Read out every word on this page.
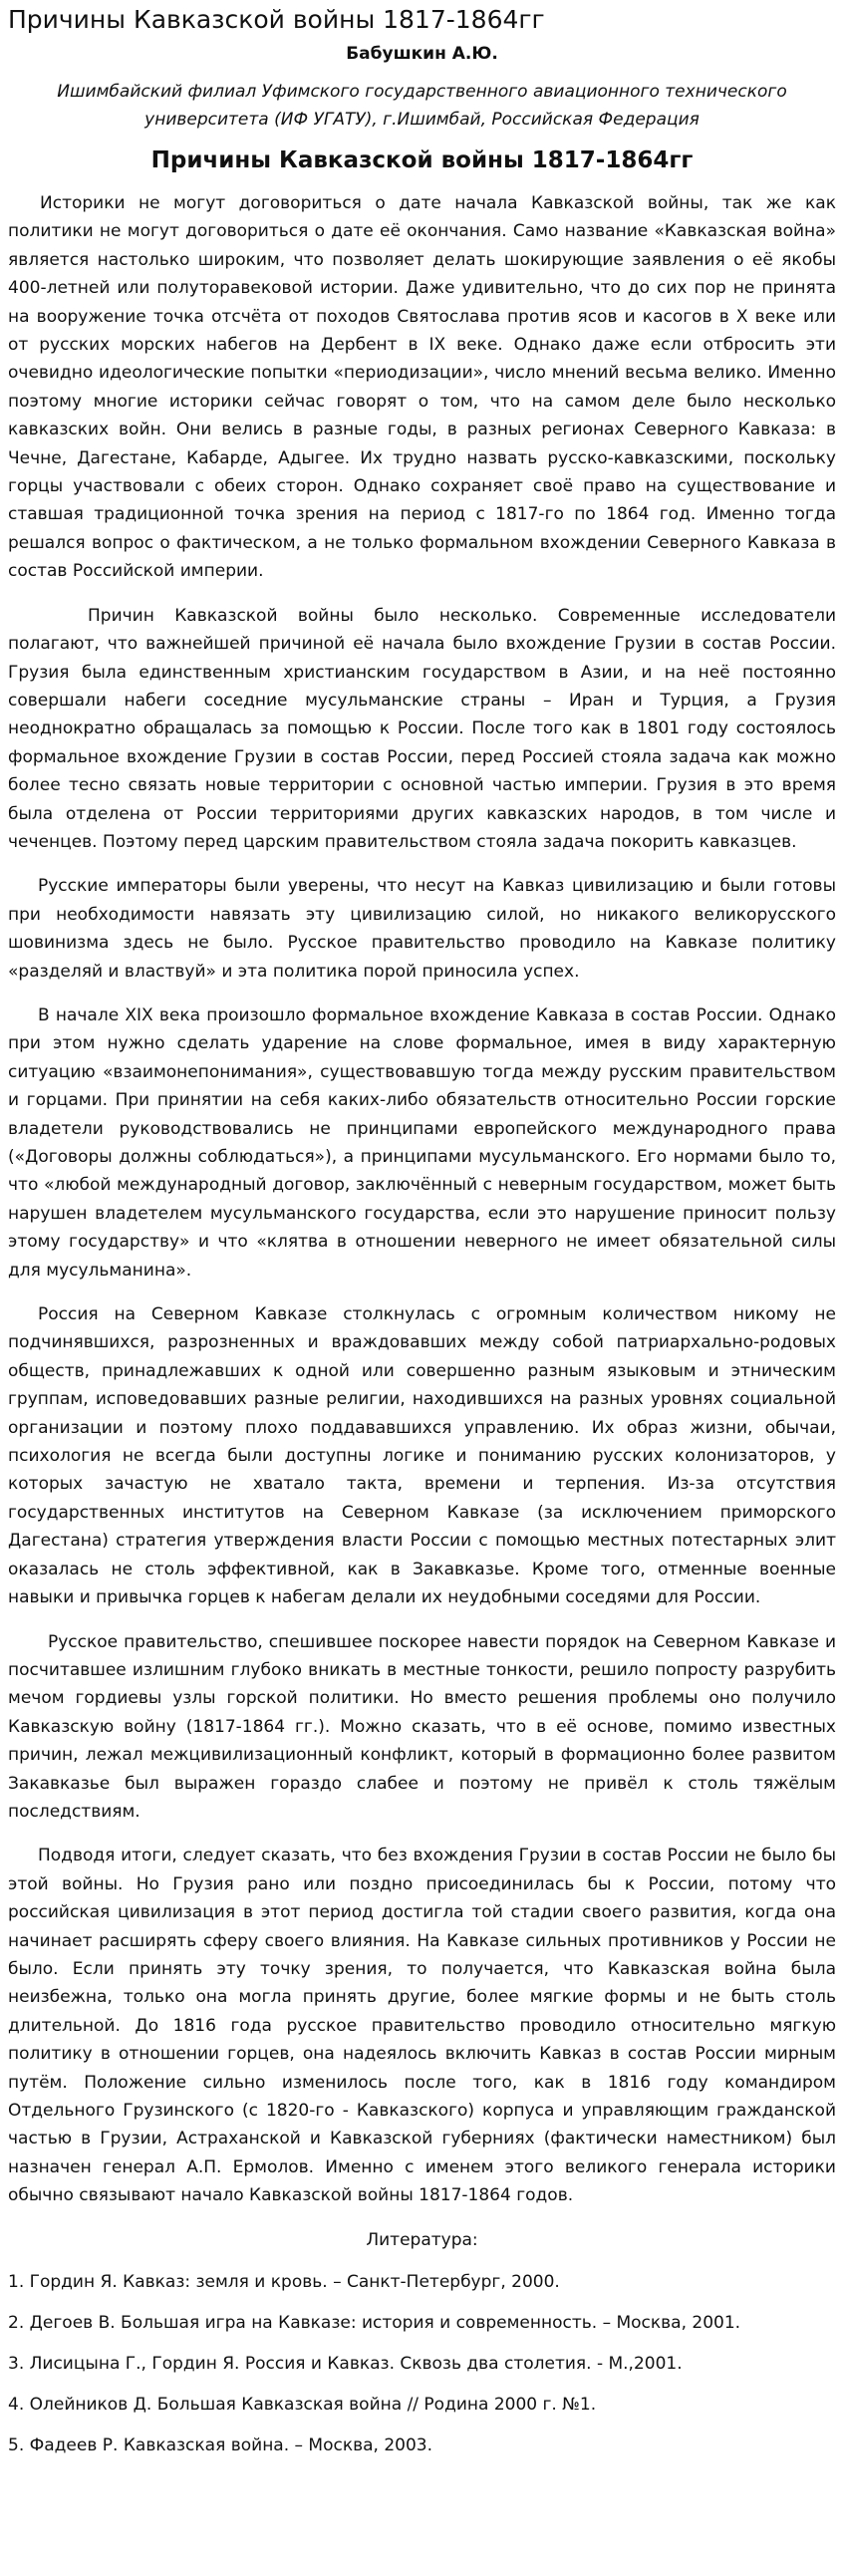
Причины Кавказской войны 1817-1864гг
Бабушкин А.Ю.
Ишимбайский филиал Уфимского государственного авиационного технического университета (ИФ УГАТУ), г.Ишимбай, Российская Федерация
Причины Кавказской войны 1817-1864гг

Историки не могут договориться о дате начала Кавказской войны, так же как политики не могут договориться о дате её окончания. Само название «Кавказская война» является настолько широким, что позволяет делать шокирующие заявления о её якобы 400-летней или полуторавековой истории. Даже удивительно, что до сих пор не принята на вооружение точка отсчёта от походов Святослава против ясов и касогов в X веке или от русских морских набегов на Дербент в IX веке. Однако даже если отбросить эти очевидно идеологические попытки «периодизации», число мнений весьма велико. Именно поэтому многие историки сейчас говорят о том, что на самом деле было несколько кавказских войн. Они велись в разные годы, в разных регионах Северного Кавказа: в Чечне, Дагестане, Кабарде, Адыгее. Их трудно назвать русско-кавказскими, поскольку горцы участвовали с обеих сторон. Однако сохраняет своё право на существование и ставшая традиционной точка зрения на период с 1817-го по 1864 год. Именно тогда решался вопрос о фактическом, а не только формальном вхождении Северного Кавказа в состав Российской империи.

Причин Кавказской войны было несколько. Современные исследователи полагают, что важнейшей причиной её начала было вхождение Грузии в состав России. Грузия была единственным христианским государством в Азии, и на неё постоянно совершали набеги соседние мусульманские страны – Иран и Турция, а Грузия неоднократно обращалась за помощью к России. После того как в 1801 году состоялось формальное вхождение Грузии в состав России, перед Россией стояла задача как можно более тесно связать новые территории с основной частью империи. Грузия в это время была отделена от России территориями других кавказских народов, в том числе и чеченцев. Поэтому перед царским правительством стояла задача покорить кавказцев.

Русские императоры были уверены, что несут на Кавказ цивилизацию и были готовы при необходимости навязать эту цивилизацию силой, но никакого великорусского шовинизма здесь не было. Русское правительство проводило на Кавказе политику «разделяй и властвуй» и эта политика порой приносила успех.

В начале XIX века произошло формальное вхождение Кавказа в состав России. Однако при этом нужно сделать ударение на слове формальное, имея в виду характерную ситуацию «взаимонепонимания», существовавшую тогда между русским правительством и горцами. При принятии на себя каких-либо обязательств относительно России горские владетели руководствовались не принципами европейского международного права («Договоры должны соблюдаться»), а принципами мусульманского. Его нормами было то, что «любой международный договор, заключённый с неверным государством, может быть нарушен владетелем мусульманского государства, если это нарушение приносит пользу этому государству» и что «клятва в отношении неверного не имеет обязательной силы для мусульманина».

Россия на Северном Кавказе столкнулась с огромным количеством никому не подчинявшихся, разрозненных и враждовавших между собой патриархально-родовых обществ, принадлежавших к одной или совершенно разным языковым и этническим группам, исповедовавших разные религии, находившихся на разных уровнях социальной организации и поэтому плохо поддававшихся управлению. Их образ жизни, обычаи, психология не всегда были доступны логике и пониманию русских колонизаторов, у которых зачастую не хватало такта, времени и терпения. Из-за отсутствия государственных институтов на Северном Кавказе (за исключением приморского Дагестана) стратегия утверждения власти России с помощью местных потестарных элит оказалась не столь эффективной, как в Закавказье. Кроме того, отменные военные навыки и привычка горцев к набегам делали их неудобными соседями для России.

Русское правительство, спешившее поскорее навести порядок на Северном Кавказе и посчитавшее излишним глубоко вникать в местные тонкости, решило попросту разрубить мечом гордиевы узлы горской политики. Но вместо решения проблемы оно получило Кавказскую войну (1817-1864 гг.). Можно сказать, что в её основе, помимо известных причин, лежал межцивилизационный конфликт, который в формационно более развитом Закавказье был выражен гораздо слабее и поэтому не привёл к столь тяжёлым последствиям.

Подводя итоги, следует сказать, что без вхождения Грузии в состав России не было бы этой войны. Но Грузия рано или поздно присоединилась бы к России, потому что российская цивилизация в этот период достигла той стадии своего развития, когда она начинает расширять сферу своего влияния. На Кавказе сильных противников у России не было. Если принять эту точку зрения, то получается, что Кавказская война была неизбежна, только она могла принять другие, более мягкие формы и не быть столь длительной. До 1816 года русское правительство проводило относительно мягкую политику в отношении горцев, она надеялось включить Кавказ в состав России мирным путём. Положение сильно изменилось после того, как в 1816 году командиром Отдельного Грузинского (с 1820-го - Кавказского) корпуса и управляющим гражданской частью в Грузии, Астраханской и Кавказской губерниях (фактически наместником) был назначен генерал А.П. Ермолов. Именно с именем этого великого генерала историки обычно связывают начало Кавказской войны 1817-1864 годов.

Литература:
1. Гордин Я. Кавказ: земля и кровь. – Санкт-Петербург, 2000.
2. Дегоев В. Большая игра на Кавказе: история и современность. – Москва, 2001.
3. Лисицына Г., Гордин Я. Россия и Кавказ. Сквозь два столетия. - М.,2001.
4. Олейников Д. Большая Кавказская война // Родина 2000 г. №1.
5. Фадеев Р. Кавказская война. – Москва, 2003.
